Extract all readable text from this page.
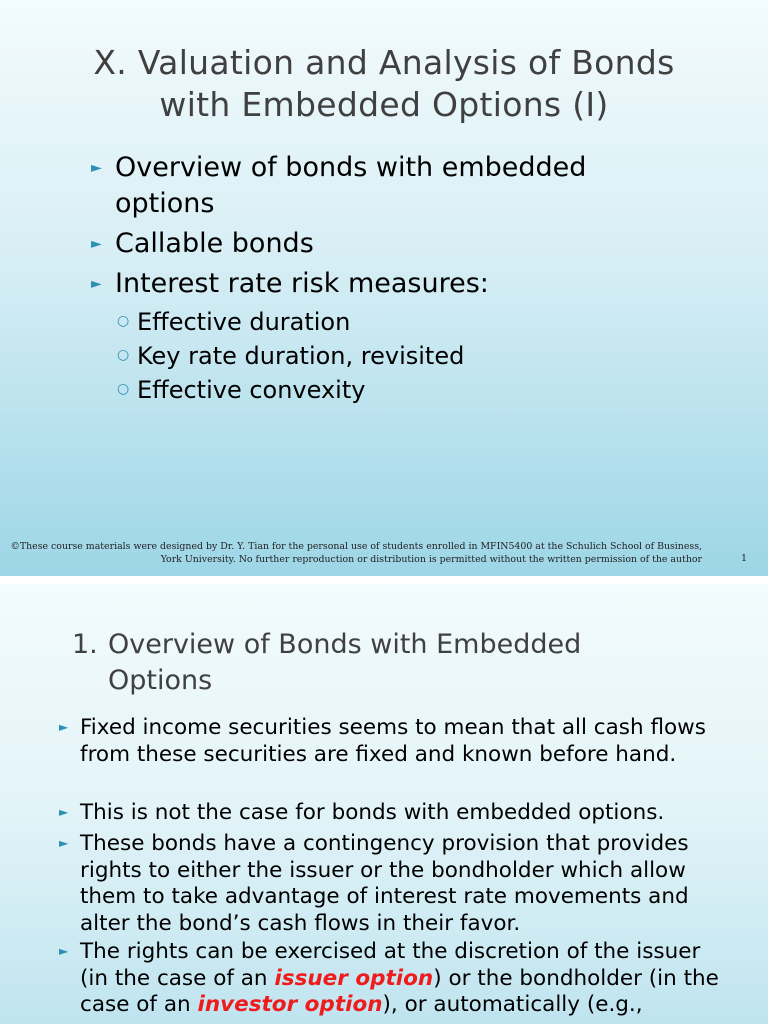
X. Valuation and Analysis of Bonds
with Embedded Options (I)
► Overview of bonds with embedded options
► Callable bonds
► Interest rate risk measures:
○ Effective duration
○ Key rate duration, revisited
○ Effective convexity
©These course materials were designed by Dr. Y. Tian for the personal use of students enrolled in MFIN5400 at the Schulich School of Business,
York University. No further reproduction or distribution is permitted without the written permission of the author	1
1. Overview of Bonds with Embedded Options
► Fixed income securities seems to mean that all cash flows from these securities are fixed and known before hand.
► This is not the case for bonds with embedded options.
► These bonds have a contingency provision that provides rights to either the issuer or the bondholder which allow them to take advantage of interest rate movements and alter the bond’s cash flows in their favor.
► The rights can be exercised at the discretion of the issuer (in the case of an issuer option) or the bondholder (in the case of an investor option), or automatically (e.g.,
